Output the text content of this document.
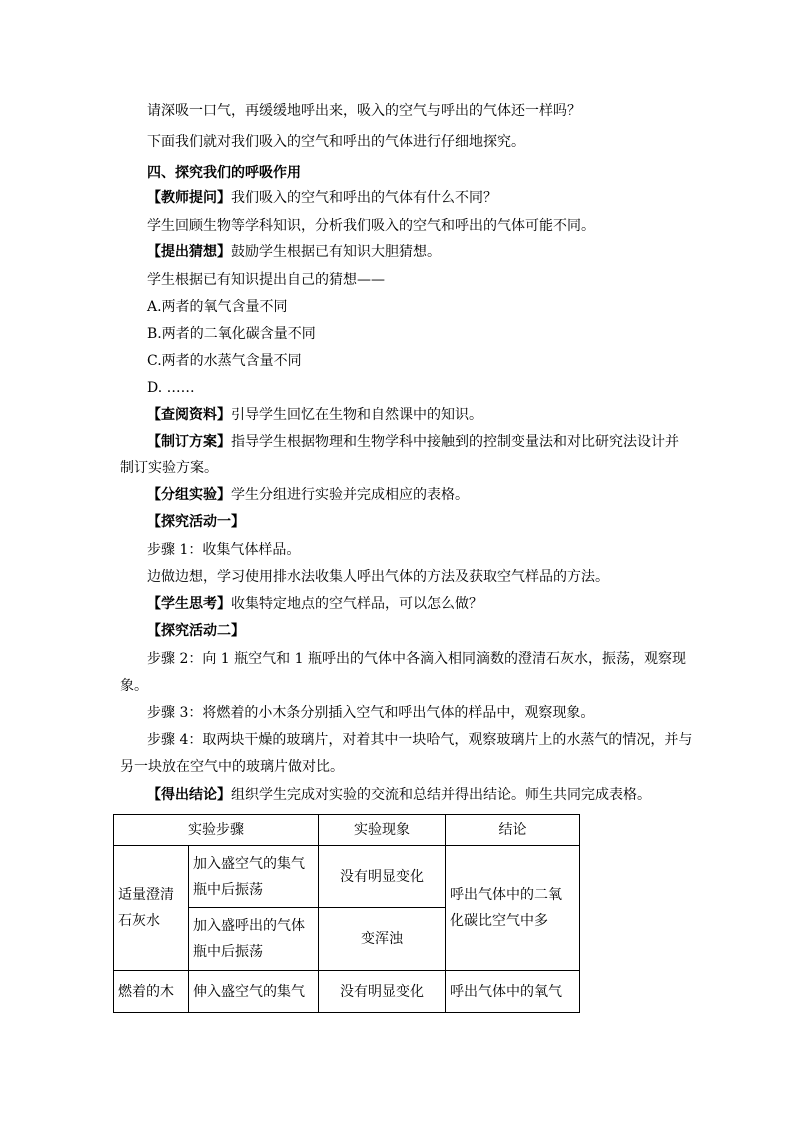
请深吸一口气，再缓缓地呼出来，吸入的空气与呼出的气体还一样吗？
下面我们就对我们吸入的空气和呼出的气体进行仔细地探究。
四、探究我们的呼吸作用
【教师提问】我们吸入的空气和呼出的气体有什么不同？
学生回顾生物等学科知识，分析我们吸入的空气和呼出的气体可能不同。
【提出猜想】鼓励学生根据已有知识大胆猜想。
学生根据已有知识提出自己的猜想——
A.两者的氧气含量不同
B.两者的二氧化碳含量不同
C.两者的水蒸气含量不同
D. ……
【查阅资料】引导学生回忆在生物和自然课中的知识。
【制订方案】指导学生根据物理和生物学科中接触到的控制变量法和对比研究法设计并
制订实验方案。
【分组实验】学生分组进行实验并完成相应的表格。
【探究活动一】
步骤 1：收集气体样品。
边做边想，学习使用排水法收集人呼出气体的方法及获取空气样品的方法。
【学生思考】收集特定地点的空气样品，可以怎么做？
【探究活动二】
步骤 2：向 1 瓶空气和 1 瓶呼出的气体中各滴入相同滴数的澄清石灰水，振荡，观察现
象。
步骤 3：将燃着的小木条分别插入空气和呼出气体的样品中，观察现象。
步骤 4：取两块干燥的玻璃片，对着其中一块哈气，观察玻璃片上的水蒸气的情况，并与
另一块放在空气中的玻璃片做对比。
【得出结论】组织学生完成对实验的交流和总结并得出结论。师生共同完成表格。
实验步骤		实验现象	结论
适量澄清石灰水	加入盛空气的集气瓶中后振荡	没有明显变化	呼出气体中的二氧化碳比空气中多
	加入盛呼出的气体瓶中后振荡	变浑浊	
燃着的木	伸入盛空气的集气	没有明显变化	呼出气体中的氧气
